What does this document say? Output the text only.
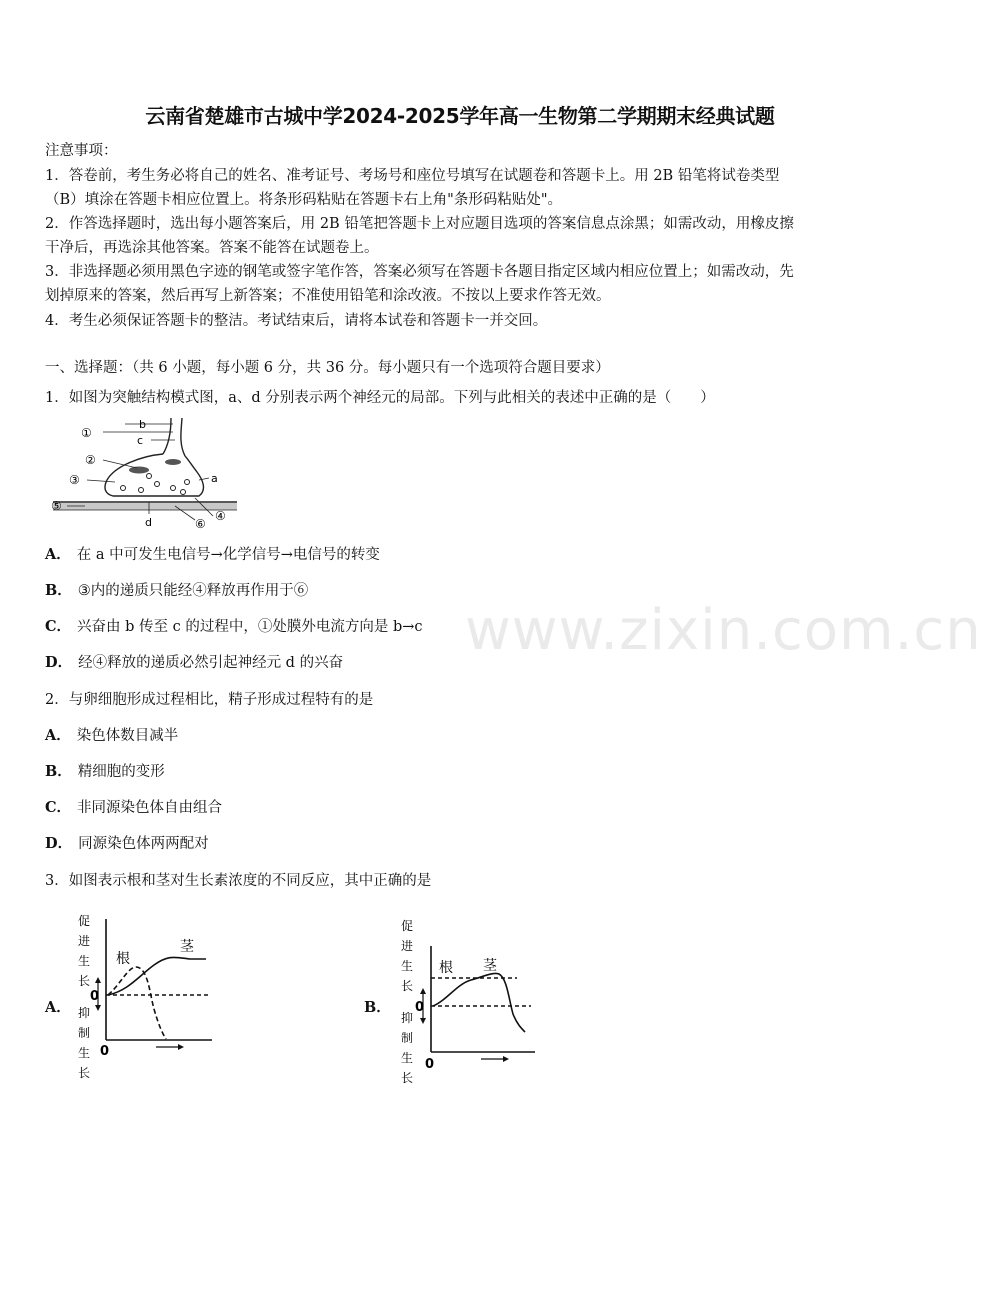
云南省楚雄市古城中学2024-2025学年高一生物第二学期期末经典试题
注意事项：
1．答卷前，考生务必将自己的姓名、准考证号、考场号和座位号填写在试题卷和答题卡上。用 2B 铅笔将试卷类型
（B）填涂在答题卡相应位置上。将条形码粘贴在答题卡右上角"条形码粘贴处"。
2．作答选择题时，选出每小题答案后，用 2B 铅笔把答题卡上对应题目选项的答案信息点涂黑；如需改动，用橡皮擦
干净后，再选涂其他答案。答案不能答在试题卷上。
3．非选择题必须用黑色字迹的钢笔或签字笔作答，答案必须写在答题卡各题目指定区域内相应位置上；如需改动，先
划掉原来的答案，然后再写上新答案；不准使用铅笔和涂改液。不按以上要求作答无效。
4．考生必须保证答题卡的整洁。考试结束后，请将本试卷和答题卡一并交回。
一、选择题：（共 6 小题，每小题 6 分，共 36 分。每小题只有一个选项符合题目要求）
1．如图为突触结构模式图，a、d 分别表示两个神经元的局部。下列与此相关的表述中正确的是（　　）
b
c
a
d
①
②
③
⑤
④
⑥
A． 在 a 中可发生电信号→化学信号→电信号的转变
B． ③内的递质只能经④释放再作用于⑥
C． 兴奋由 b 传至 c 的过程中，①处膜外电流方向是 b→c
D． 经④释放的递质必然引起神经元 d 的兴奋
2．与卵细胞形成过程相比，精子形成过程特有的是
A． 染色体数目减半
B． 精细胞的变形
C． 非同源染色体自由组合
D． 同源染色体两两配对
3．如图表示根和茎对生长素浓度的不同反应，其中正确的是
A．
促进生长
抑制生长
0
0
根
茎
B．
促进生长
抑制生长
0
0
根 茎
www.zixin.com.cn
